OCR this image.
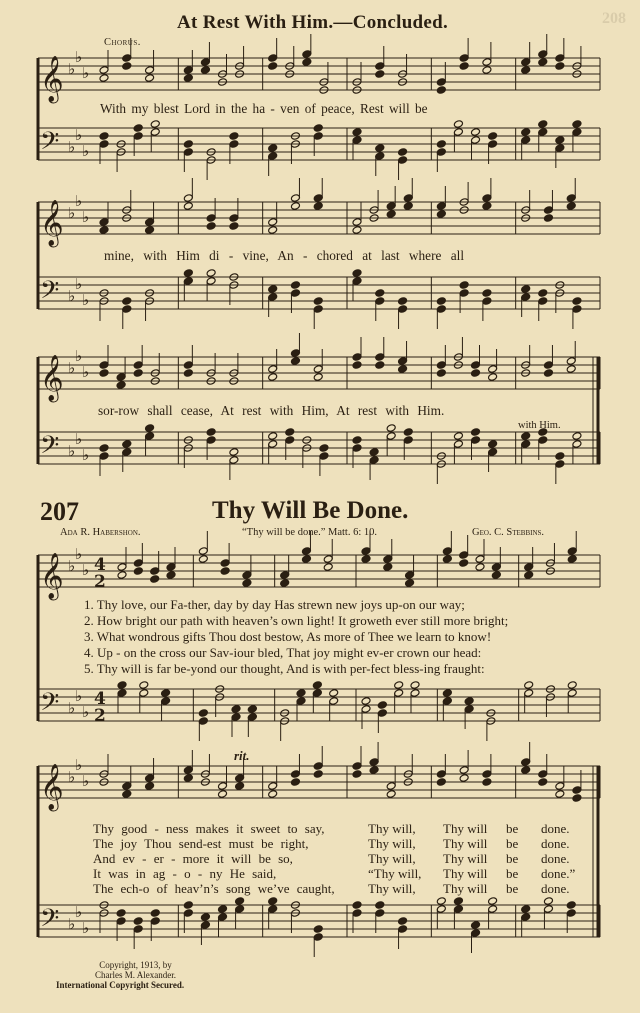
208
At Rest With Him.—Concluded.
Chorus.
𝄞 ♭
♭
♭
𝄢 ♭
♭
♭
𝄞 ♭
♭
♭
𝄢 ♭
♭
♭
𝄞 ♭
♭
♭
𝄢 ♭
♭
♭
𝄞 ♭
♭
♭ 4
2
𝄢 ♭
♭
♭
4
2
𝄞 ♭
♭
♭
𝄢 ♭
♭
♭
With my blest Lord in the ha - ven of peace, Rest will be
mine, with Him di - vine, An - chored at last where all
sor-row shall cease, At rest with Him, At rest with Him.
with Him.
207	Thy Will Be Done.
Ada R. Habershon.	“Thy will be done.” Matt. 6: 10.	Geo. C. Stebbins.
1. Thy love, our Fa-ther, day by day Has strewn new joys up-on our way;
2. How bright our path with heaven’s own light! It groweth ever still more bright;
3. What wondrous gifts Thou dost bestow, As more of Thee we learn to know!
4. Up - on the cross our Sav-iour bled, That joy might ev-er crown our head:
5. Thy will is far be-yond our thought, And is with per-fect bless-ing fraught:
rit.
Thy good - ness makes it sweet to say,	Thy will, Thy will be done.
The joy Thou send-est must be right,	Thy will, Thy will be done.
And ev - er - more it will be so,	Thy will, Thy will be done.
It was in ag - o - ny He said,	“Thy will, Thy will be done.”
The ech-o of heav’n’s song we’ve caught,	Thy will, Thy will be done.
Copyright, 1913, by
Charles M. Alexander.
International Copyright Secured.
